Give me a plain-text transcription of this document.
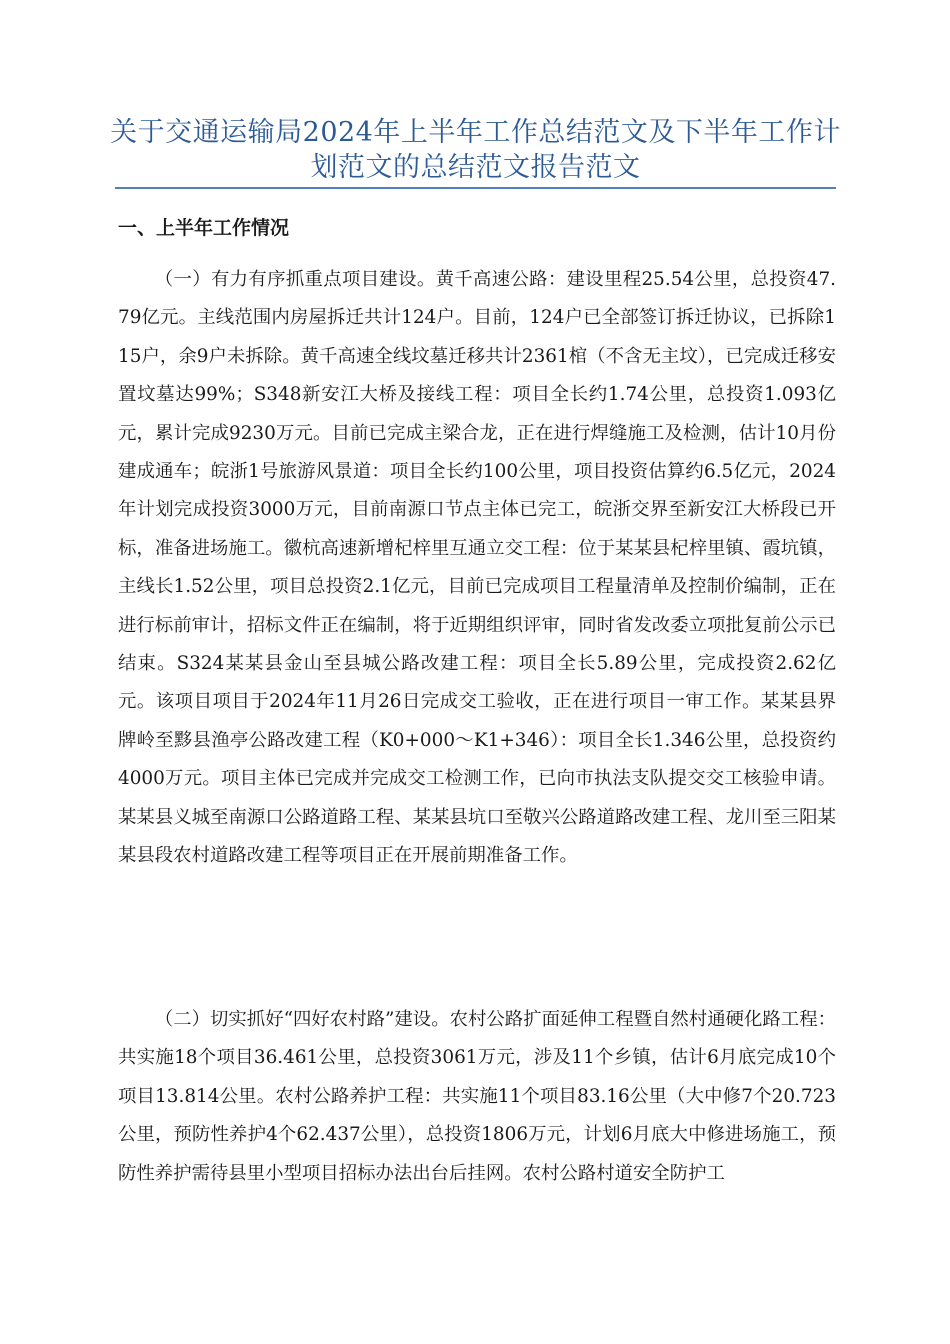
关于交通运输局2024年上半年工作总结范文及下半年工作计划范文的总结范文报告范文
一、上半年工作情况

（一）有力有序抓重点项目建设。黄千高速公路：建设里程25.54公里，总投资47.79亿元。主线范围内房屋拆迁共计124户。目前，124户已全部签订拆迁协议，已拆除115户，余9户未拆除。黄千高速全线坟墓迁移共计2361棺（不含无主坟），已完成迁移安置坟墓达99%；S348新安江大桥及接线工程：项目全长约1.74公里，总投资1.093亿元，累计完成9230万元。目前已完成主梁合龙，正在进行焊缝施工及检测，估计10月份建成通车；皖浙1号旅游风景道：项目全长约100公里，项目投资估算约6.5亿元，2024年计划完成投资3000万元，目前南源口节点主体已完工，皖浙交界至新安江大桥段已开标，准备进场施工。徽杭高速新增杞梓里互通立交工程：位于某某县杞梓里镇、霞坑镇，主线长1.52公里，项目总投资2.1亿元，目前已完成项目工程量清单及控制价编制，正在进行标前审计，招标文件正在编制，将于近期组织评审，同时省发改委立项批复前公示已结束。S324某某县金山至县城公路改建工程：项目全长5.89公里，完成投资2.62亿元。该项目项目于2024年11月26日完成交工验收，正在进行项目一审工作。某某县界牌岭至黟县渔亭公路改建工程（K0+000～K1+346）：项目全长1.346公里，总投资约4000万元。项目主体已完成并完成交工检测工作，已向市执法支队提交交工核验申请。某某县义城至南源口公路道路工程、某某县坑口至敬兴公路道路改建工程、龙川至三阳某某县段农村道路改建工程等项目正在开展前期准备工作。

（二）切实抓好“四好农村路”建设。农村公路扩面延伸工程暨自然村通硬化路工程：共实施18个项目36.461公里，总投资3061万元，涉及11个乡镇，估计6月底完成10个项目13.814公里。农村公路养护工程：共实施11个项目83.16公里（大中修7个20.723公里，预防性养护4个62.437公里），总投资1806万元，计划6月底大中修进场施工，预防性养护需待县里小型项目招标办法出台后挂网。农村公路村道安全防护工
